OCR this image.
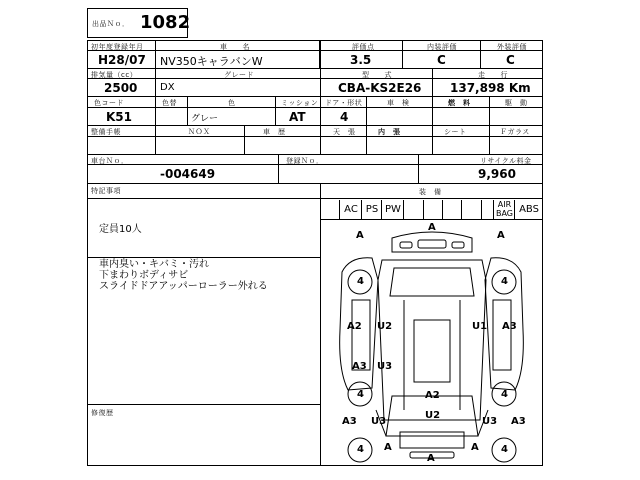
出品Ｎｏ． 1082
初年度登録年月
H28/07
車　　名
NV350キャラバンW
評価点
3.5
内装評価
C
外装評価
C
排気量（cc）
2500
グレード
DX
型　　式
CBA-KS2E26
走　　行
137,898 Km
色コード
K51
色替	色
グレー
ミッション
AT
ドア・形状
4
車　検	燃　料	駆　動
整備手帳	ＮＯＸ	車　歴	天　張	内　張	シート	Ｆガラス
車台Ｎｏ．
-004649
登録Ｎｏ．	リサイクル料金
9,960
特記事項
定員10人
車内臭い・キバミ・汚れ
下まわりボディサビ
スライドドアアッパーローラー外れる
修復歴
装　備
AC PS PW	AIR
BAG ABS
A
A	A
4	4
A2 U2	U1 A3
A3 U3
4	4
A2
U2
A3 U3	U3 A3
4	4
A	A
A
